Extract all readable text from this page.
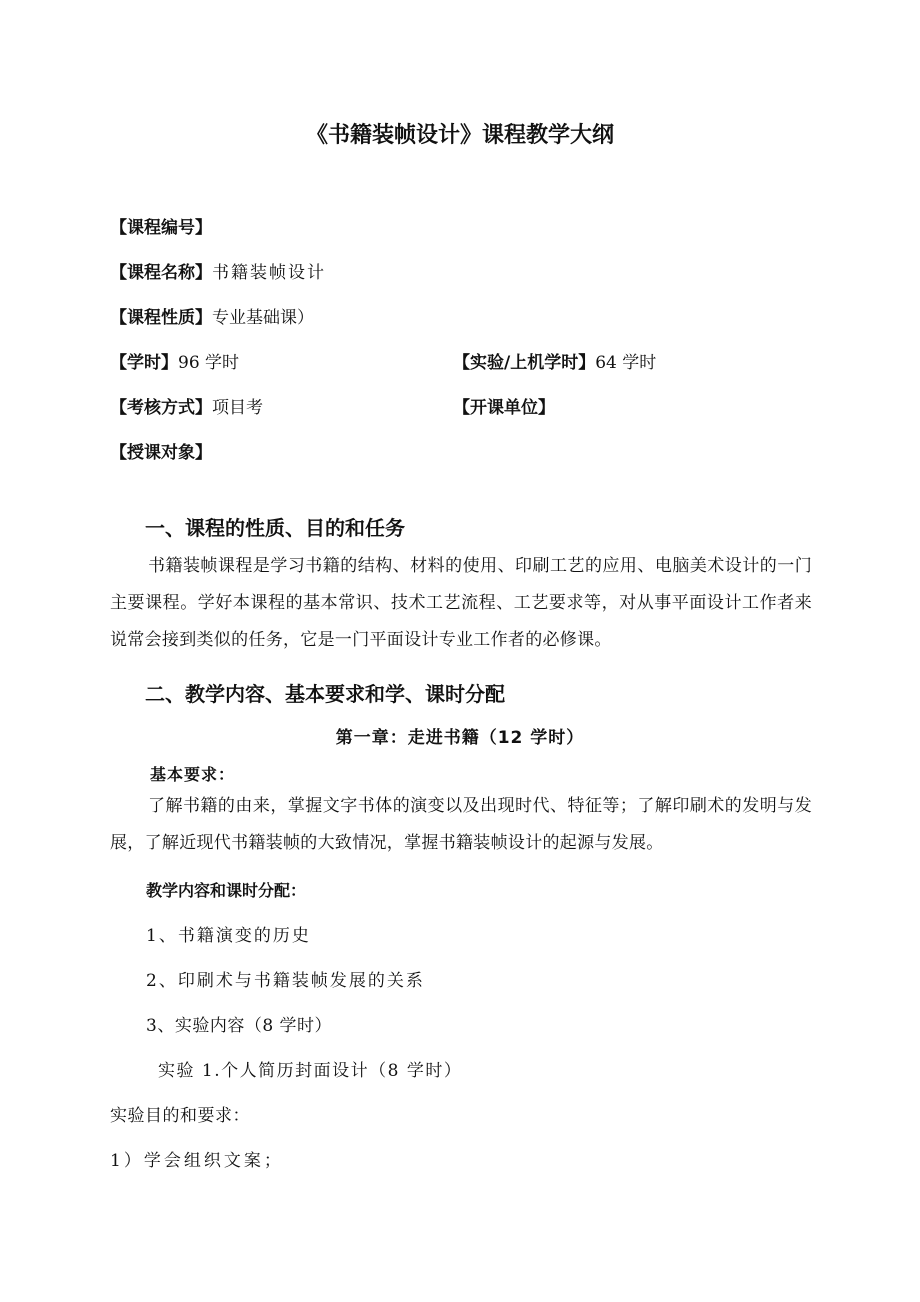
《书籍装帧设计》课程教学大纲
【课程编号】
【课程名称】书籍装帧设计
【课程性质】专业基础课）
【学时】96 学时	【实验/上机学时】64 学时
【考核方式】项目考	【开课单位】
【授课对象】
一、课程的性质、目的和任务
书籍装帧课程是学习书籍的结构、材料的使用、印刷工艺的应用、电脑美术设计的一门主要课程。学好本课程的基本常识、技术工艺流程、工艺要求等，对从事平面设计工作者来说常会接到类似的任务，它是一门平面设计专业工作者的必修课。
二、教学内容、基本要求和学、课时分配
第一章：走进书籍（12 学时）
基本要求：
了解书籍的由来，掌握文字书体的演变以及出现时代、特征等；了解印刷术的发明与发展，了解近现代书籍装帧的大致情况，掌握书籍装帧设计的起源与发展。
教学内容和课时分配：
1、书籍演变的历史
2、印刷术与书籍装帧发展的关系
3、实验内容（8 学时）
实验 1.个人简历封面设计（8 学时）
实验目的和要求：
1）学会组织文案；
